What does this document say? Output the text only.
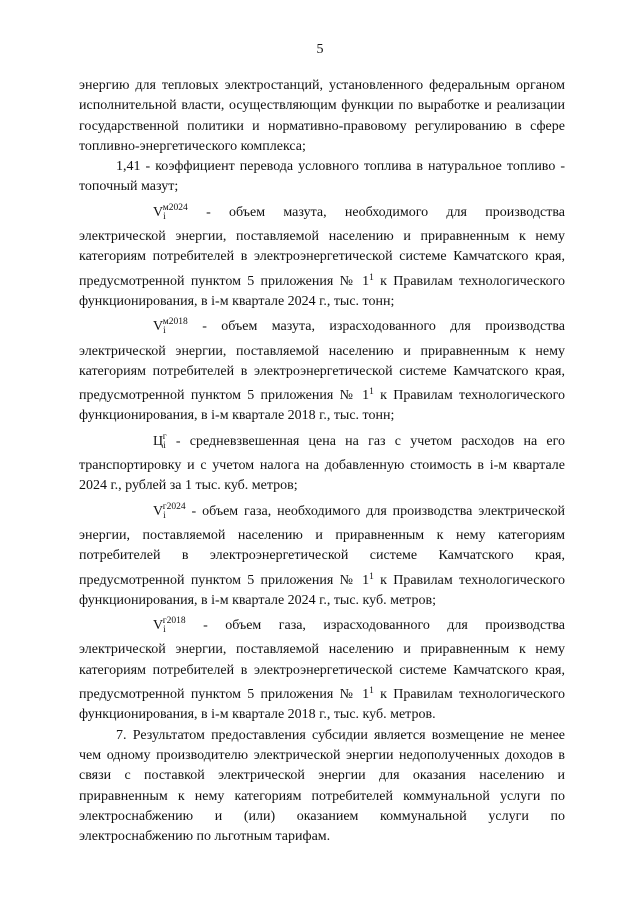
5

энергию для тепловых электростанций, установленного федеральным органом исполнительной власти, осуществляющим функции по выработке и реализации государственной политики и нормативно-правовому регулированию в сфере топливно-энергетического комплекса;

1,41 - коэффициент перевода условного топлива в натуральное топливо - топочный мазут;

$V_i^{м2024}$ - объем мазута, необходимого для производства электрической энергии, поставляемой населению и приравненным к нему категориям потребителей в электроэнергетической системе Камчатского края, предусмотренной пунктом 5 приложения № 1$^1$ к Правилам технологического функционирования, в i-м квартале 2024 г., тыс. тонн;

$V_i^{м2018}$ - объем мазута, израсходованного для производства электрической энергии, поставляемой населению и приравненным к нему категориям потребителей в электроэнергетической системе Камчатского края, предусмотренной пунктом 5 приложения № 1$^1$ к Правилам технологического функционирования, в i-м квартале 2018 г., тыс. тонн;

$Ц_i^г$ - средневзвешенная цена на газ с учетом расходов на его транспортировку и с учетом налога на добавленную стоимость в i-м квартале 2024 г., рублей за 1 тыс. куб. метров;

$V_i^{г2024}$ - объем газа, необходимого для производства электрической энергии, поставляемой населению и приравненным к нему категориям потребителей в электроэнергетической системе Камчатского края, предусмотренной пунктом 5 приложения № 1$^1$ к Правилам технологического функционирования, в i-м квартале 2024 г., тыс. куб. метров;

$V_i^{г2018}$ - объем газа, израсходованного для производства электрической энергии, поставляемой населению и приравненным к нему категориям потребителей в электроэнергетической системе Камчатского края, предусмотренной пунктом 5 приложения № 1$^1$ к Правилам технологического функционирования, в i-м квартале 2018 г., тыс. куб. метров.

7. Результатом предоставления субсидии является возмещение не менее чем одному производителю электрической энергии недополученных доходов в связи с поставкой электрической энергии для оказания населению и приравненным к нему категориям потребителей коммунальной услуги по электроснабжению и (или) оказанием коммунальной услуги по электроснабжению по льготным тарифам.
